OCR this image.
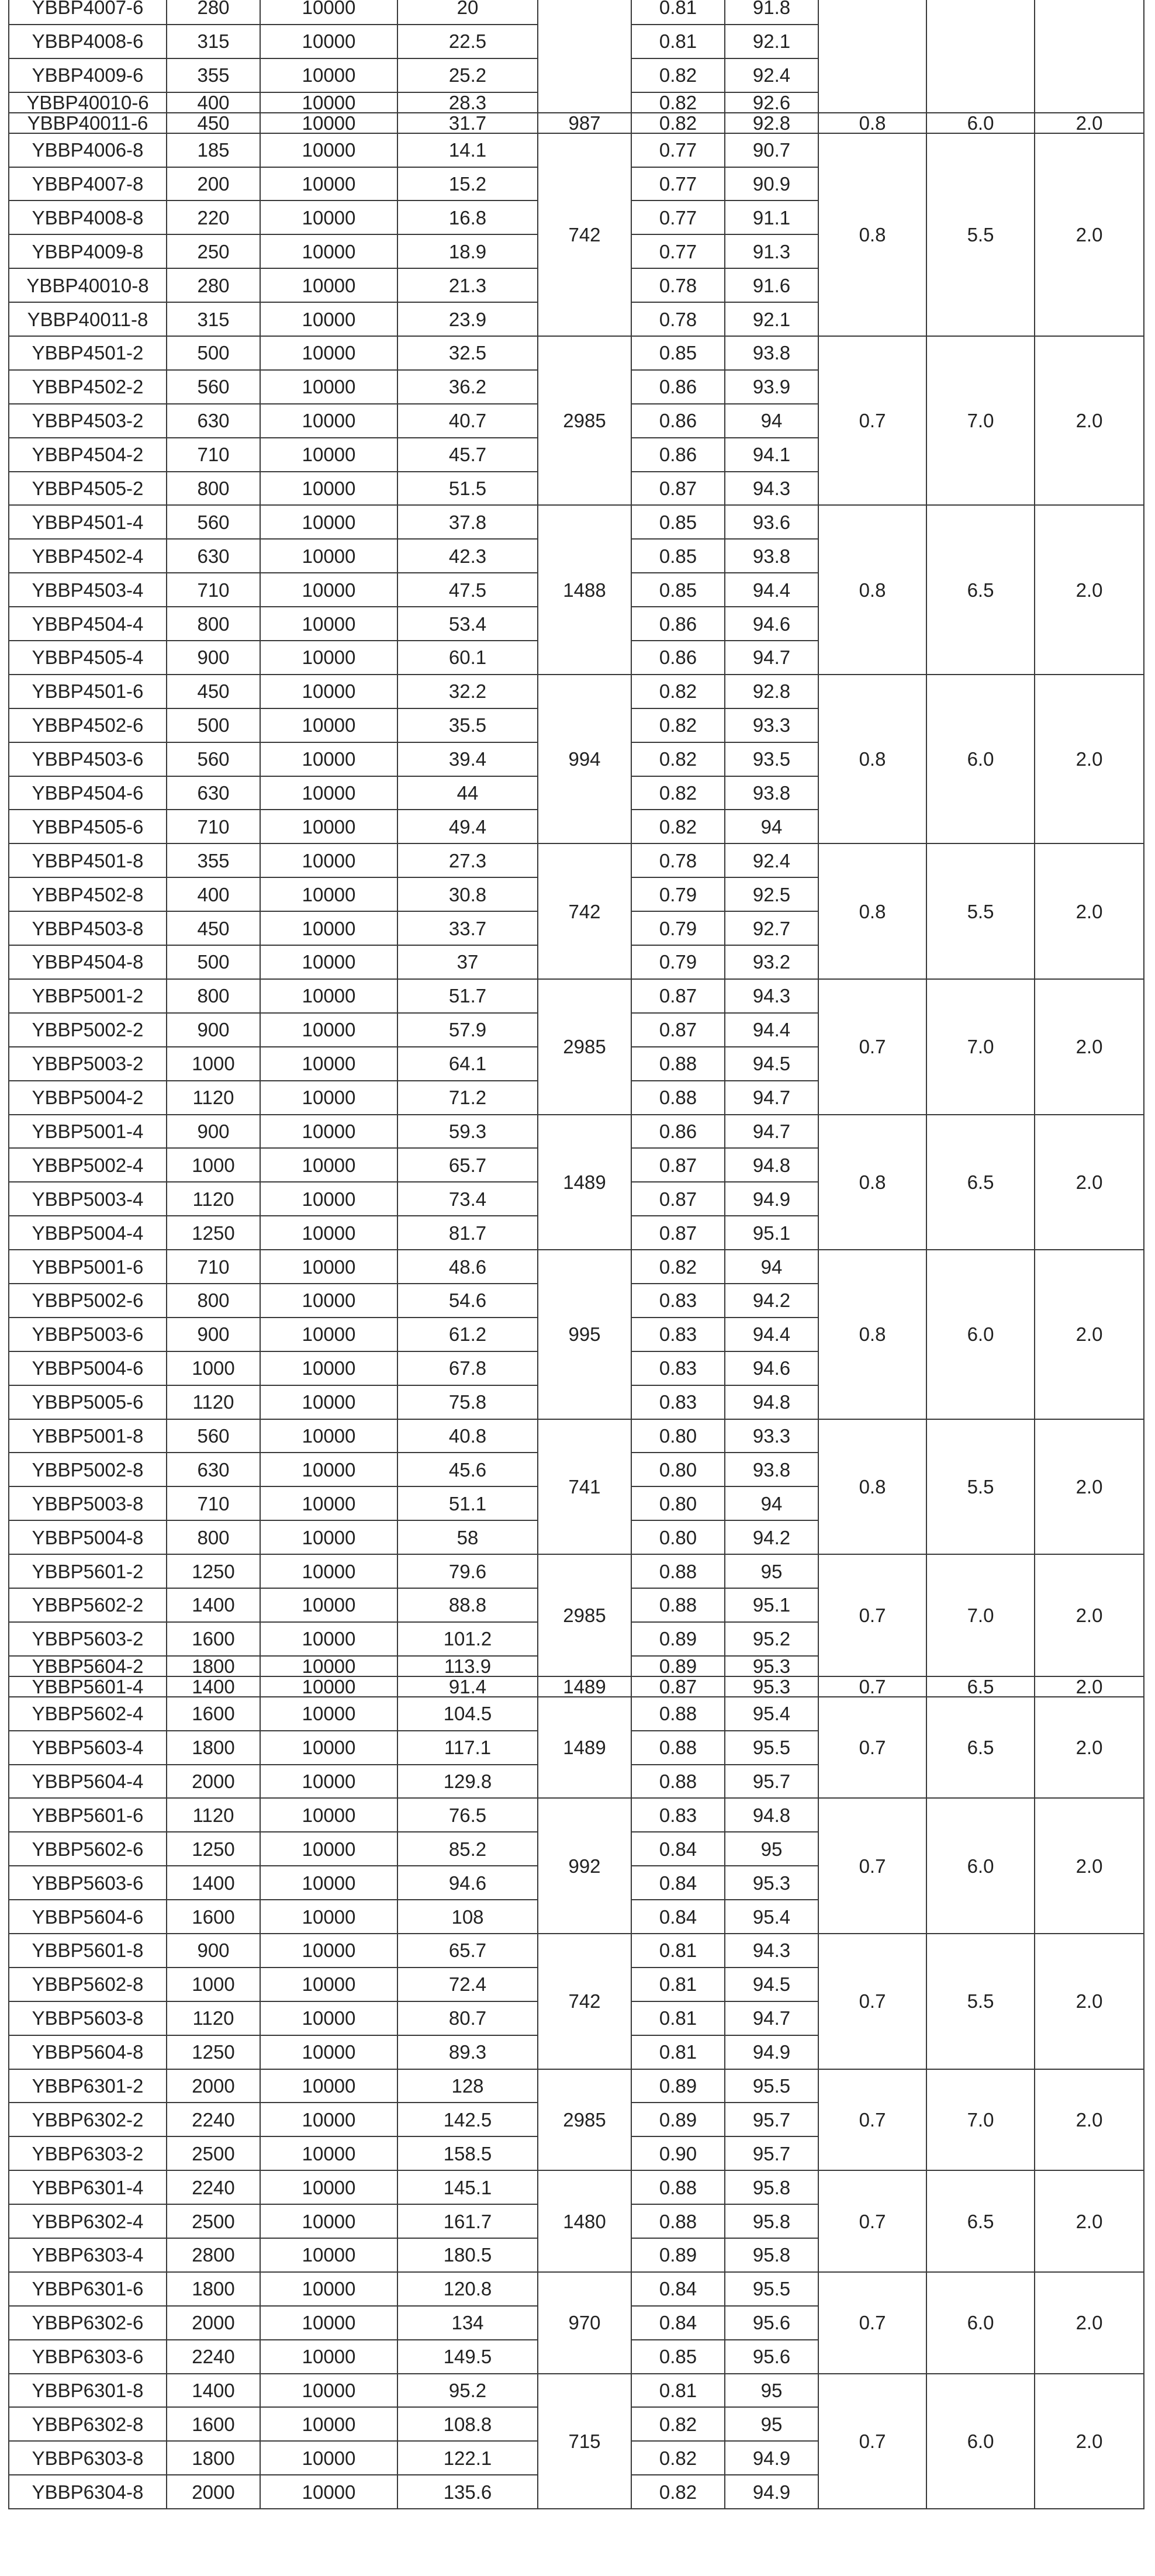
YBBP4007-6	280	10000	20		0.81	91.8			
YBBP4008-6	315	10000	22.5		0.81	92.1			
YBBP4009-6	355	10000	25.2		0.82	92.4			
YBBP40010-6	400	10000	28.3		0.82	92.6			
YBBP40011-6	450	10000	31.7	987	0.82	92.8	0.8	6.0	2.0
YBBP4006-8	185	10000	14.1	742	0.77	90.7	0.8	5.5	2.0
YBBP4007-8	200	10000	15.2		0.77	90.9			
YBBP4008-8	220	10000	16.8		0.77	91.1			
YBBP4009-8	250	10000	18.9		0.77	91.3			
YBBP40010-8	280	10000	21.3		0.78	91.6			
YBBP40011-8	315	10000	23.9		0.78	92.1			
YBBP4501-2	500	10000	32.5	2985	0.85	93.8	0.7	7.0	2.0
YBBP4502-2	560	10000	36.2		0.86	93.9			
YBBP4503-2	630	10000	40.7		0.86	94			
YBBP4504-2	710	10000	45.7		0.86	94.1			
YBBP4505-2	800	10000	51.5		0.87	94.3			
YBBP4501-4	560	10000	37.8	1488	0.85	93.6	0.8	6.5	2.0
YBBP4502-4	630	10000	42.3		0.85	93.8			
YBBP4503-4	710	10000	47.5		0.85	94.4			
YBBP4504-4	800	10000	53.4		0.86	94.6			
YBBP4505-4	900	10000	60.1		0.86	94.7			
YBBP4501-6	450	10000	32.2	994	0.82	92.8	0.8	6.0	2.0
YBBP4502-6	500	10000	35.5		0.82	93.3			
YBBP4503-6	560	10000	39.4		0.82	93.5			
YBBP4504-6	630	10000	44		0.82	93.8			
YBBP4505-6	710	10000	49.4		0.82	94			
YBBP4501-8	355	10000	27.3	742	0.78	92.4	0.8	5.5	2.0
YBBP4502-8	400	10000	30.8		0.79	92.5			
YBBP4503-8	450	10000	33.7		0.79	92.7			
YBBP4504-8	500	10000	37		0.79	93.2			
YBBP5001-2	800	10000	51.7	2985	0.87	94.3	0.7	7.0	2.0
YBBP5002-2	900	10000	57.9		0.87	94.4			
YBBP5003-2	1000	10000	64.1		0.88	94.5			
YBBP5004-2	1120	10000	71.2		0.88	94.7			
YBBP5001-4	900	10000	59.3	1489	0.86	94.7	0.8	6.5	2.0
YBBP5002-4	1000	10000	65.7		0.87	94.8			
YBBP5003-4	1120	10000	73.4		0.87	94.9			
YBBP5004-4	1250	10000	81.7		0.87	95.1			
YBBP5001-6	710	10000	48.6	995	0.82	94	0.8	6.0	2.0
YBBP5002-6	800	10000	54.6		0.83	94.2			
YBBP5003-6	900	10000	61.2		0.83	94.4			
YBBP5004-6	1000	10000	67.8		0.83	94.6			
YBBP5005-6	1120	10000	75.8		0.83	94.8			
YBBP5001-8	560	10000	40.8	741	0.80	93.3	0.8	5.5	2.0
YBBP5002-8	630	10000	45.6		0.80	93.8			
YBBP5003-8	710	10000	51.1		0.80	94			
YBBP5004-8	800	10000	58		0.80	94.2			
YBBP5601-2	1250	10000	79.6	2985	0.88	95	0.7	7.0	2.0
YBBP5602-2	1400	10000	88.8		0.88	95.1			
YBBP5603-2	1600	10000	101.2		0.89	95.2			
YBBP5604-2	1800	10000	113.9		0.89	95.3			
YBBP5601-4	1400	10000	91.4	1489	0.87	95.3	0.7	6.5	2.0
YBBP5602-4	1600	10000	104.5	1489	0.88	95.4	0.7	6.5	2.0
YBBP5603-4	1800	10000	117.1		0.88	95.5			
YBBP5604-4	2000	10000	129.8		0.88	95.7			
YBBP5601-6	1120	10000	76.5	992	0.83	94.8	0.7	6.0	2.0
YBBP5602-6	1250	10000	85.2		0.84	95			
YBBP5603-6	1400	10000	94.6		0.84	95.3			
YBBP5604-6	1600	10000	108		0.84	95.4			
YBBP5601-8	900	10000	65.7	742	0.81	94.3	0.7	5.5	2.0
YBBP5602-8	1000	10000	72.4		0.81	94.5			
YBBP5603-8	1120	10000	80.7		0.81	94.7			
YBBP5604-8	1250	10000	89.3		0.81	94.9			
YBBP6301-2	2000	10000	128	2985	0.89	95.5	0.7	7.0	2.0
YBBP6302-2	2240	10000	142.5		0.89	95.7			
YBBP6303-2	2500	10000	158.5		0.90	95.7			
YBBP6301-4	2240	10000	145.1	1480	0.88	95.8	0.7	6.5	2.0
YBBP6302-4	2500	10000	161.7		0.88	95.8			
YBBP6303-4	2800	10000	180.5		0.89	95.8			
YBBP6301-6	1800	10000	120.8	970	0.84	95.5	0.7	6.0	2.0
YBBP6302-6	2000	10000	134		0.84	95.6			
YBBP6303-6	2240	10000	149.5		0.85	95.6			
YBBP6301-8	1400	10000	95.2	715	0.81	95	0.7	6.0	2.0
YBBP6302-8	1600	10000	108.8		0.82	95			
YBBP6303-8	1800	10000	122.1		0.82	94.9			
YBBP6304-8	2000	10000	135.6		0.82	94.9			
